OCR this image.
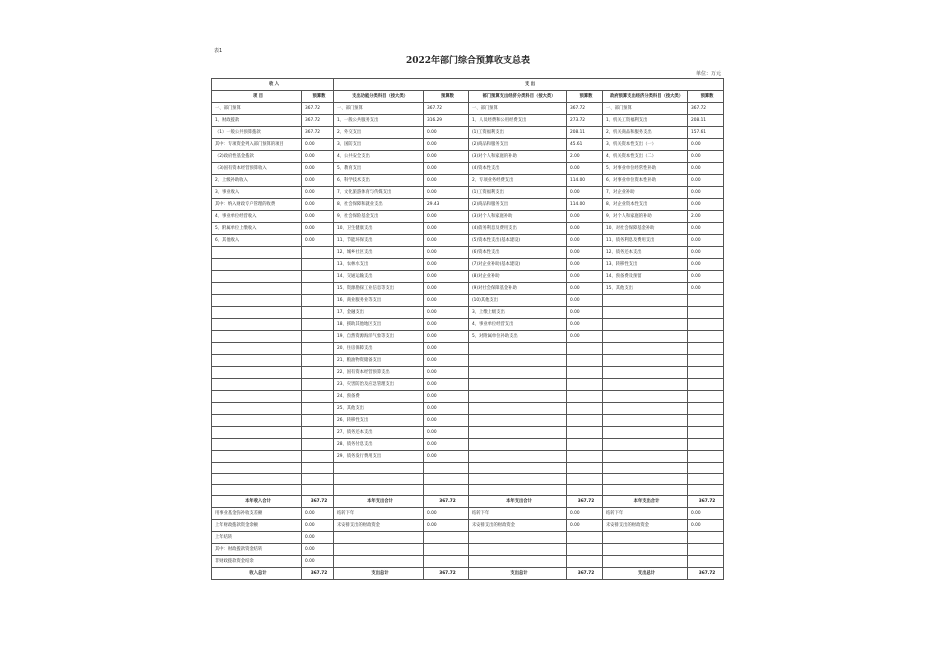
表1
2022年部门综合预算收支总表
单位：万元
收 入		支 出					
项 目	预算数	支出功能分类科目（按大类）	预算数	部门预算支出经济分类科目（按大类）	预算数	政府预算支出经济分类科目（按大类）	预算数
一、部门预算	367.72	一、部门预算	367.72	一、部门预算	367.72	一、部门预算	367.72
1、财政拨款	367.72	1、一般公共服务支出	316.29	1、人员经费和公用经费支出	273.72	1、机关工资福利支出	208.11
（1）一般公共预算拨款	367.72	2、外交支出	0.00	(1)工资福利支出	208.11	2、机关商品和服务支出	157.61
其中：专项资金列入部门预算的项目	0.00	3、国防支出	0.00	(2)商品和服务支出	45.61	3、机关资本性支出（一）	0.00
（2)政府性基金拨款	0.00	4、公共安全支出	0.00	(3)对个人和家庭的补助	2.00	4、机关资本性支出（二）	0.00
（3)国有资本经营预算收入	0.00	5、教育支出	0.00	(4)资本性支出	0.00	5、对事业单位经常性补助	0.00
2、上级补助收入	0.00	6、科学技术支出	0.00	2、专项业务经费支出	114.00	6、对事业单位资本性补助	0.00
3、事业收入	0.00	7、文化旅游体育与传媒支出	0.00	(1)工资福利支出	0.00	7、对企业补助	0.00
其中：纳入财政专户管理的收费	0.00	8、社会保障和就业支出	29.43	(2)商品和服务支出	114.00	8、对企业资本性支出	0.00
4、事业单位经营收入	0.00	9、社会保险基金支出	0.00	(3)对个人和家庭补助	0.00	9、对个人和家庭的补助	2.00
5、附属单位上缴收入	0.00	10、卫生健康支出	0.00	(4)债务利息及费用支出	0.00	10、对社会保障基金补助	0.00
6、其他收入	0.00	11、节能环保支出	0.00	(5)资本性支出(基本建设)	0.00	11、债务利息及费用支出	0.00
		12、城乡社区支出	0.00	(6)资本性支出	0.00	12、债务还本支出	0.00
		13、农林水支出	0.00	(7)对企业补助(基本建设)	0.00	13、转移性支出	0.00
		14、交通运输支出	0.00	(8)对企业补助	0.00	14、预备费及预留	0.00
		15、资源勘探工业信息等支出	0.00	(9)对社会保障基金补助	0.00	15、其他支出	0.00
		16、商业服务业等支出	0.00	(10)其他支出	0.00		
		17、金融支出	0.00	3、上缴上级支出	0.00		
		18、援助其他地区支出	0.00	4、事业单位经营支出	0.00		
		19、自然资源海洋气象等支出	0.00	5、对附属单位补助支出	0.00		
		20、住房保障支出	0.00				
		21、粮油物资储备支出	0.00				
		22、国有资本经营预算支出	0.00				
		23、灾害防治及应急管理支出	0.00				
		24、预备费	0.00				
		25、其他支出	0.00				
		26、转移性支出	0.00				
		27、债务还本支出	0.00				
		28、债务付息支出	0.00				
		29、债务发行费用支出	0.00				

本年收入合计	367.72	本年支出合计	367.72	本年支出合计	367.72	本年支出合计	367.72
用事业基金弥补收支差额	0.00	结转下年	0.00	结转下年	0.00	结转下年	0.00
上年财政拨款资金余额	0.00	未安排支出的财政资金	0.00	未安排支出的财政资金	0.00	未安排支出的财政资金	0.00
上年结转	0.00						
其中：财政拨款资金结转	0.00						
非财政拨款资金结余	0.00						
收入总计	367.72	支出总计	367.72	支出总计	367.72	支出总计	367.72
